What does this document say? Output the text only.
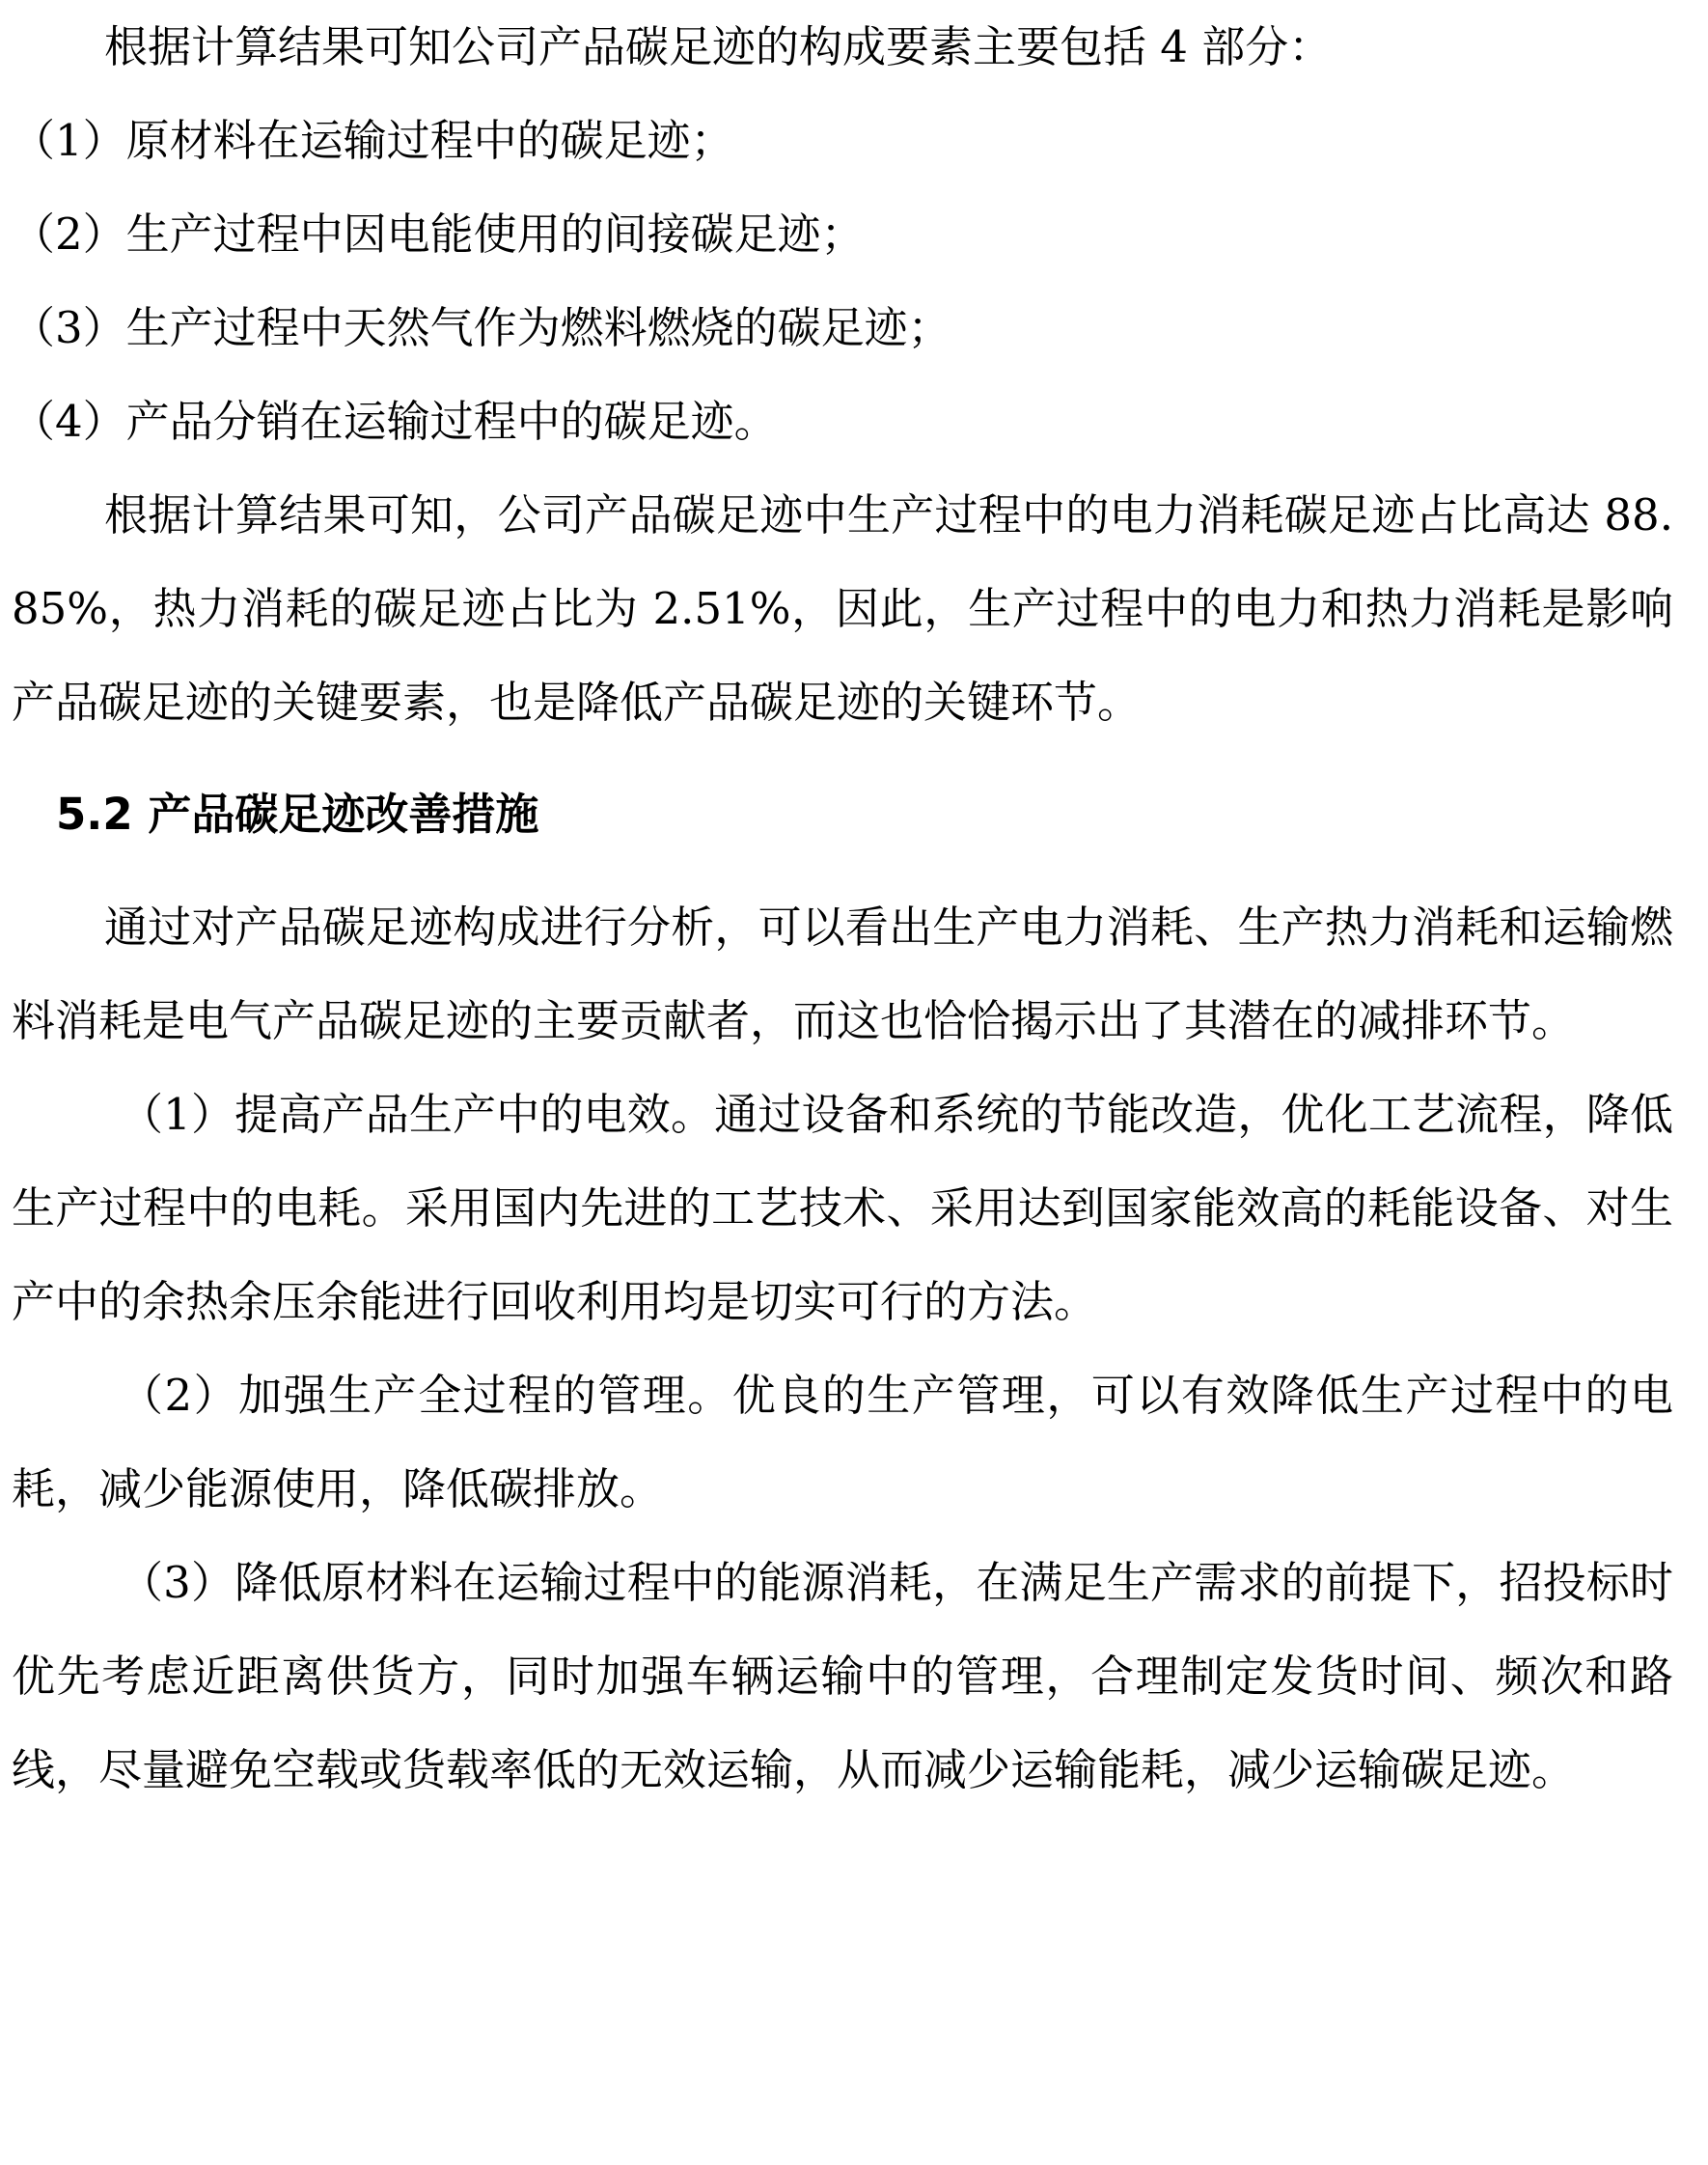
根据计算结果可知公司产品碳足迹的构成要素主要包括 4 部分：

（1）原材料在运输过程中的碳足迹；

（2）生产过程中因电能使用的间接碳足迹；

（3）生产过程中天然气作为燃料燃烧的碳足迹；

（4）产品分销在运输过程中的碳足迹。

根据计算结果可知，公司产品碳足迹中生产过程中的电力消耗碳足迹占比高达 88.85%，热力消耗的碳足迹占比为 2.51%，因此，生产过程中的电力和热力消耗是影响产品碳足迹的关键要素，也是降低产品碳足迹的关键环节。

5.2 产品碳足迹改善措施

通过对产品碳足迹构成进行分析，可以看出生产电力消耗、生产热力消耗和运输燃料消耗是电气产品碳足迹的主要贡献者，而这也恰恰揭示出了其潜在的减排环节。

（1）提高产品生产中的电效。通过设备和系统的节能改造，优化工艺流程，降低生产过程中的电耗。采用国内先进的工艺技术、采用达到国家能效高的耗能设备、对生产中的余热余压余能进行回收利用均是切实可行的方法。

（2）加强生产全过程的管理。优良的生产管理，可以有效降低生产过程中的电耗，减少能源使用，降低碳排放。

（3）降低原材料在运输过程中的能源消耗，在满足生产需求的前提下，招投标时优先考虑近距离供货方，同时加强车辆运输中的管理，合理制定发货时间、频次和路线，尽量避免空载或货载率低的无效运输，从而减少运输能耗，减少运输碳足迹。
